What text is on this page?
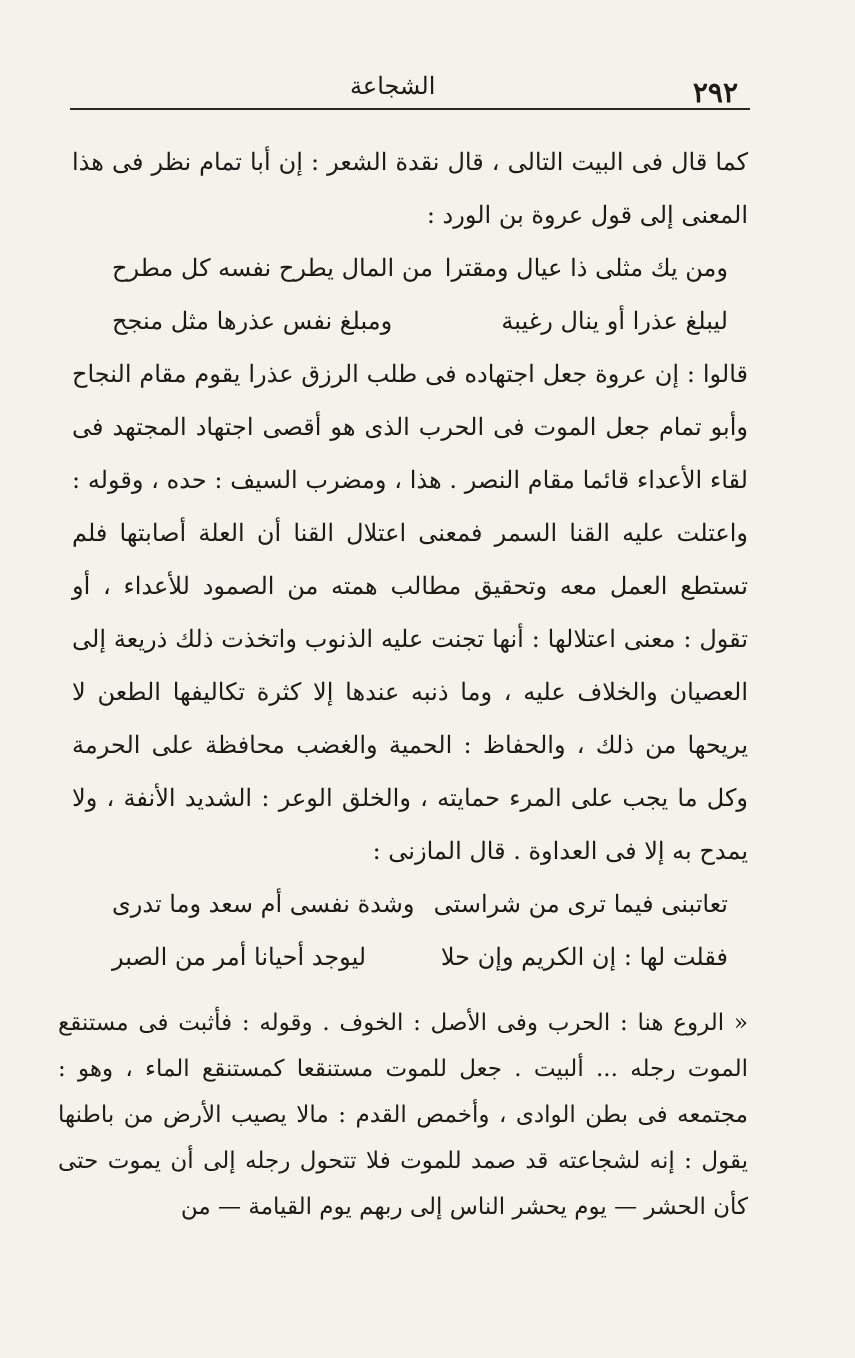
٢٩٢
الشجاعة

كما قال فى البيت التالى ، قال نقدة الشعر : إن أبا تمام نظر فى هذا المعنى إلى قول عروة بن الورد :

ومن يك مثلى ذا عيال ومقترا
من المال يطرح نفسه كل مطرح
ليبلغ عذرا أو ينال رغيبة
ومبلغ نفس عذرها مثل منجح

قالوا : إن عروة جعل اجتهاده فى طلب الرزق عذرا يقوم مقام النجاح وأبو تمام جعل الموت فى الحرب الذى هو أقصى اجتهاد المجتهد فى لقاء الأعداء قائما مقام النصر . هذا ، ومضرب السيف : حده ، وقوله : واعتلت عليه القنا السمر فمعنى اعتلال القنا أن العلة أصابتها فلم تستطع العمل معه وتحقيق مطالب همته من الصمود للأعداء ، أو تقول : معنى اعتلالها : أنها تجنت عليه الذنوب واتخذت ذلك ذريعة إلى العصيان والخلاف عليه ، وما ذنبه عندها إلا كثرة تكاليفها الطعن لا يريحها من ذلك ، والحفاظ : الحمية والغضب محافظة على الحرمة وكل ما يجب على المرء حمايته ، والخلق الوعر : الشديد الأنفة ، ولا يمدح به إلا فى العداوة . قال المازنى :

تعاتبنى فيما ترى من شراستى
وشدة نفسى أم سعد وما تدرى
فقلت لها : إن الكريم وإن حلا
ليوجد أحيانا أمر من الصبر

« الروع هنا : الحرب وفى الأصل : الخوف . وقوله : فأثبت فى مستنقع الموت رجله ... ألبيت . جعل للموت مستنقعا كمستنقع الماء ، وهو : مجتمعه فى بطن الوادى ، وأخمص القدم : مالا يصيب الأرض من باطنها يقول : إنه لشجاعته قد صمد للموت فلا تتحول رجله إلى أن يموت حتى كأن الحشر — يوم يحشر الناس إلى ربهم يوم القيامة — من
